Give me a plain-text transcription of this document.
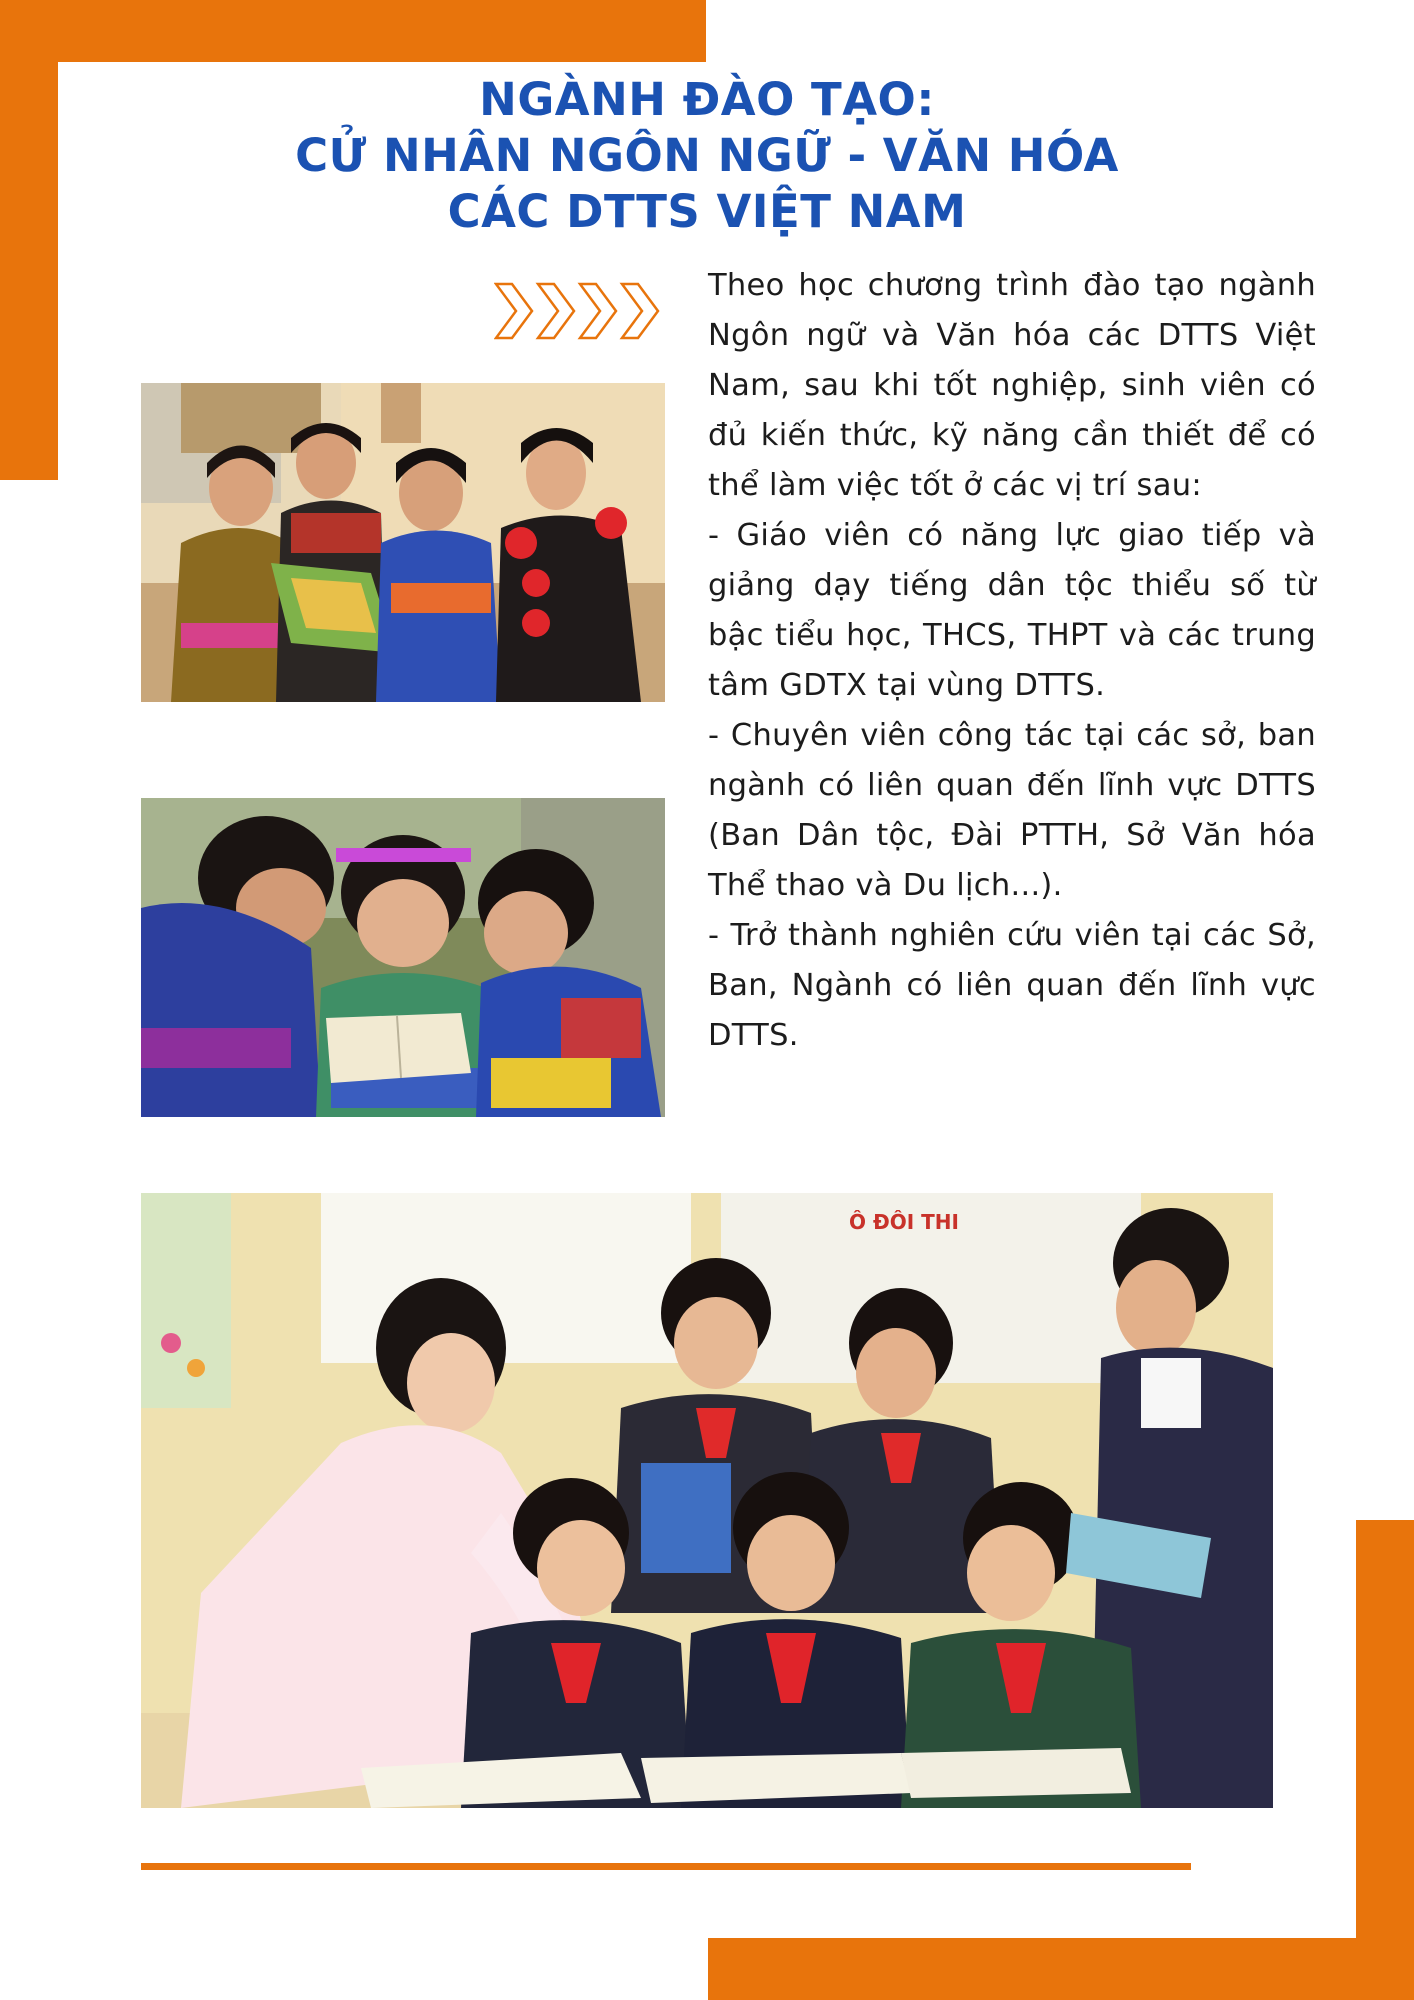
NGÀNH ĐÀO TẠO:
CỬ NHÂN NGÔN NGỮ - VĂN HÓA
CÁC DTTS VIỆT NAM

Theo học chương trình đào tạo ngành Ngôn ngữ và Văn hóa các DTTS Việt Nam, sau khi tốt nghiệp, sinh viên có đủ kiến thức, kỹ năng cần thiết để có thể làm việc tốt ở các vị trí sau:

- Giáo viên có năng lực giao tiếp và giảng dạy tiếng dân tộc thiểu số từ bậc tiểu học, THCS, THPT và các trung tâm GDTX tại vùng DTTS.

- Chuyên viên công tác tại các sở, ban ngành có liên quan đến lĩnh vực DTTS (Ban Dân tộc, Đài PTTH, Sở Văn hóa Thể thao và Du lịch...).

- Trở thành nghiên cứu viên tại các Sở, Ban, Ngành có liên quan đến lĩnh vực DTTS.

Ô ĐÔI THI
